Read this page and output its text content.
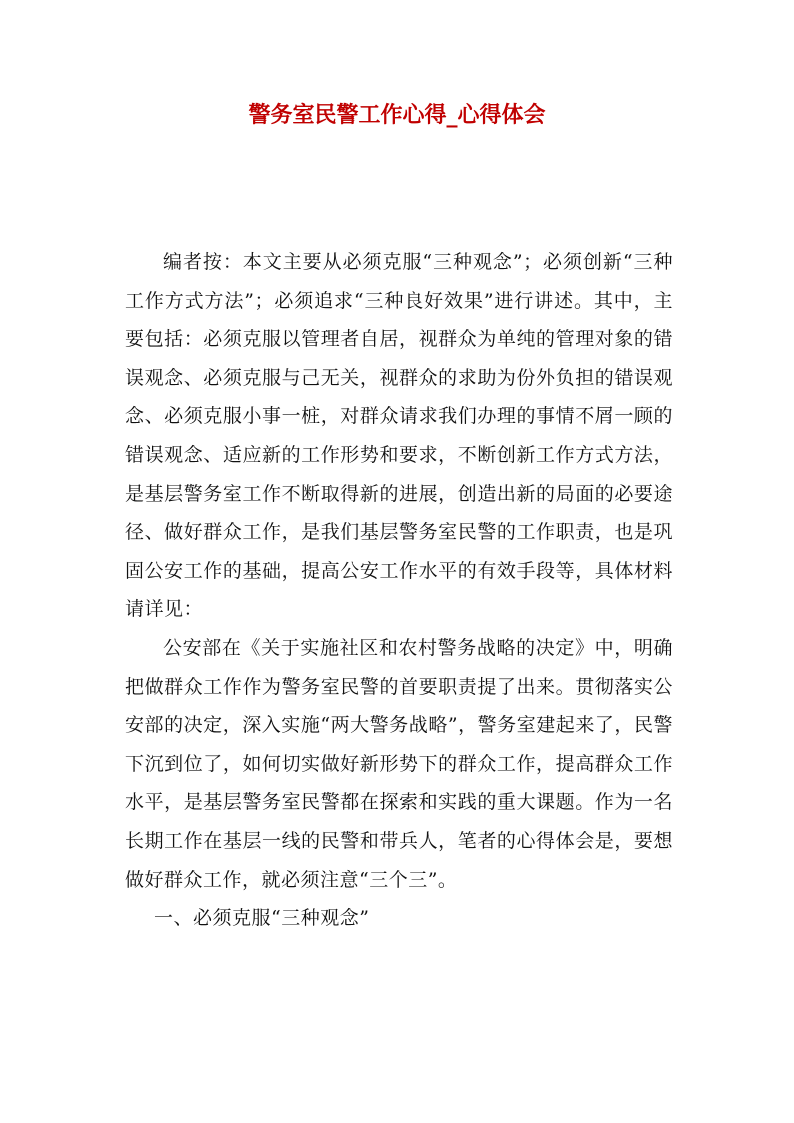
警务室民警工作心得_心得体会

编者按：本文主要从必须克服“三种观念”；必须创新“三种工作方式方法”；必须追求“三种良好效果”进行讲述。其中，主要包括：必须克服以管理者自居，视群众为单纯的管理对象的错误观念、必须克服与己无关，视群众的求助为份外负担的错误观念、必须克服小事一桩，对群众请求我们办理的事情不屑一顾的错误观念、适应新的工作形势和要求，不断创新工作方式方法，是基层警务室工作不断取得新的进展，创造出新的局面的必要途径、做好群众工作，是我们基层警务室民警的工作职责，也是巩固公安工作的基础，提高公安工作水平的有效手段等，具体材料请详见：

公安部在《关于实施社区和农村警务战略的决定》中，明确把做群众工作作为警务室民警的首要职责提了出来。贯彻落实公安部的决定，深入实施“两大警务战略”，警务室建起来了，民警下沉到位了，如何切实做好新形势下的群众工作，提高群众工作水平，是基层警务室民警都在探索和实践的重大课题。作为一名长期工作在基层一线的民警和带兵人，笔者的心得体会是，要想做好群众工作，就必须注意“三个三”。

一、必须克服“三种观念”
